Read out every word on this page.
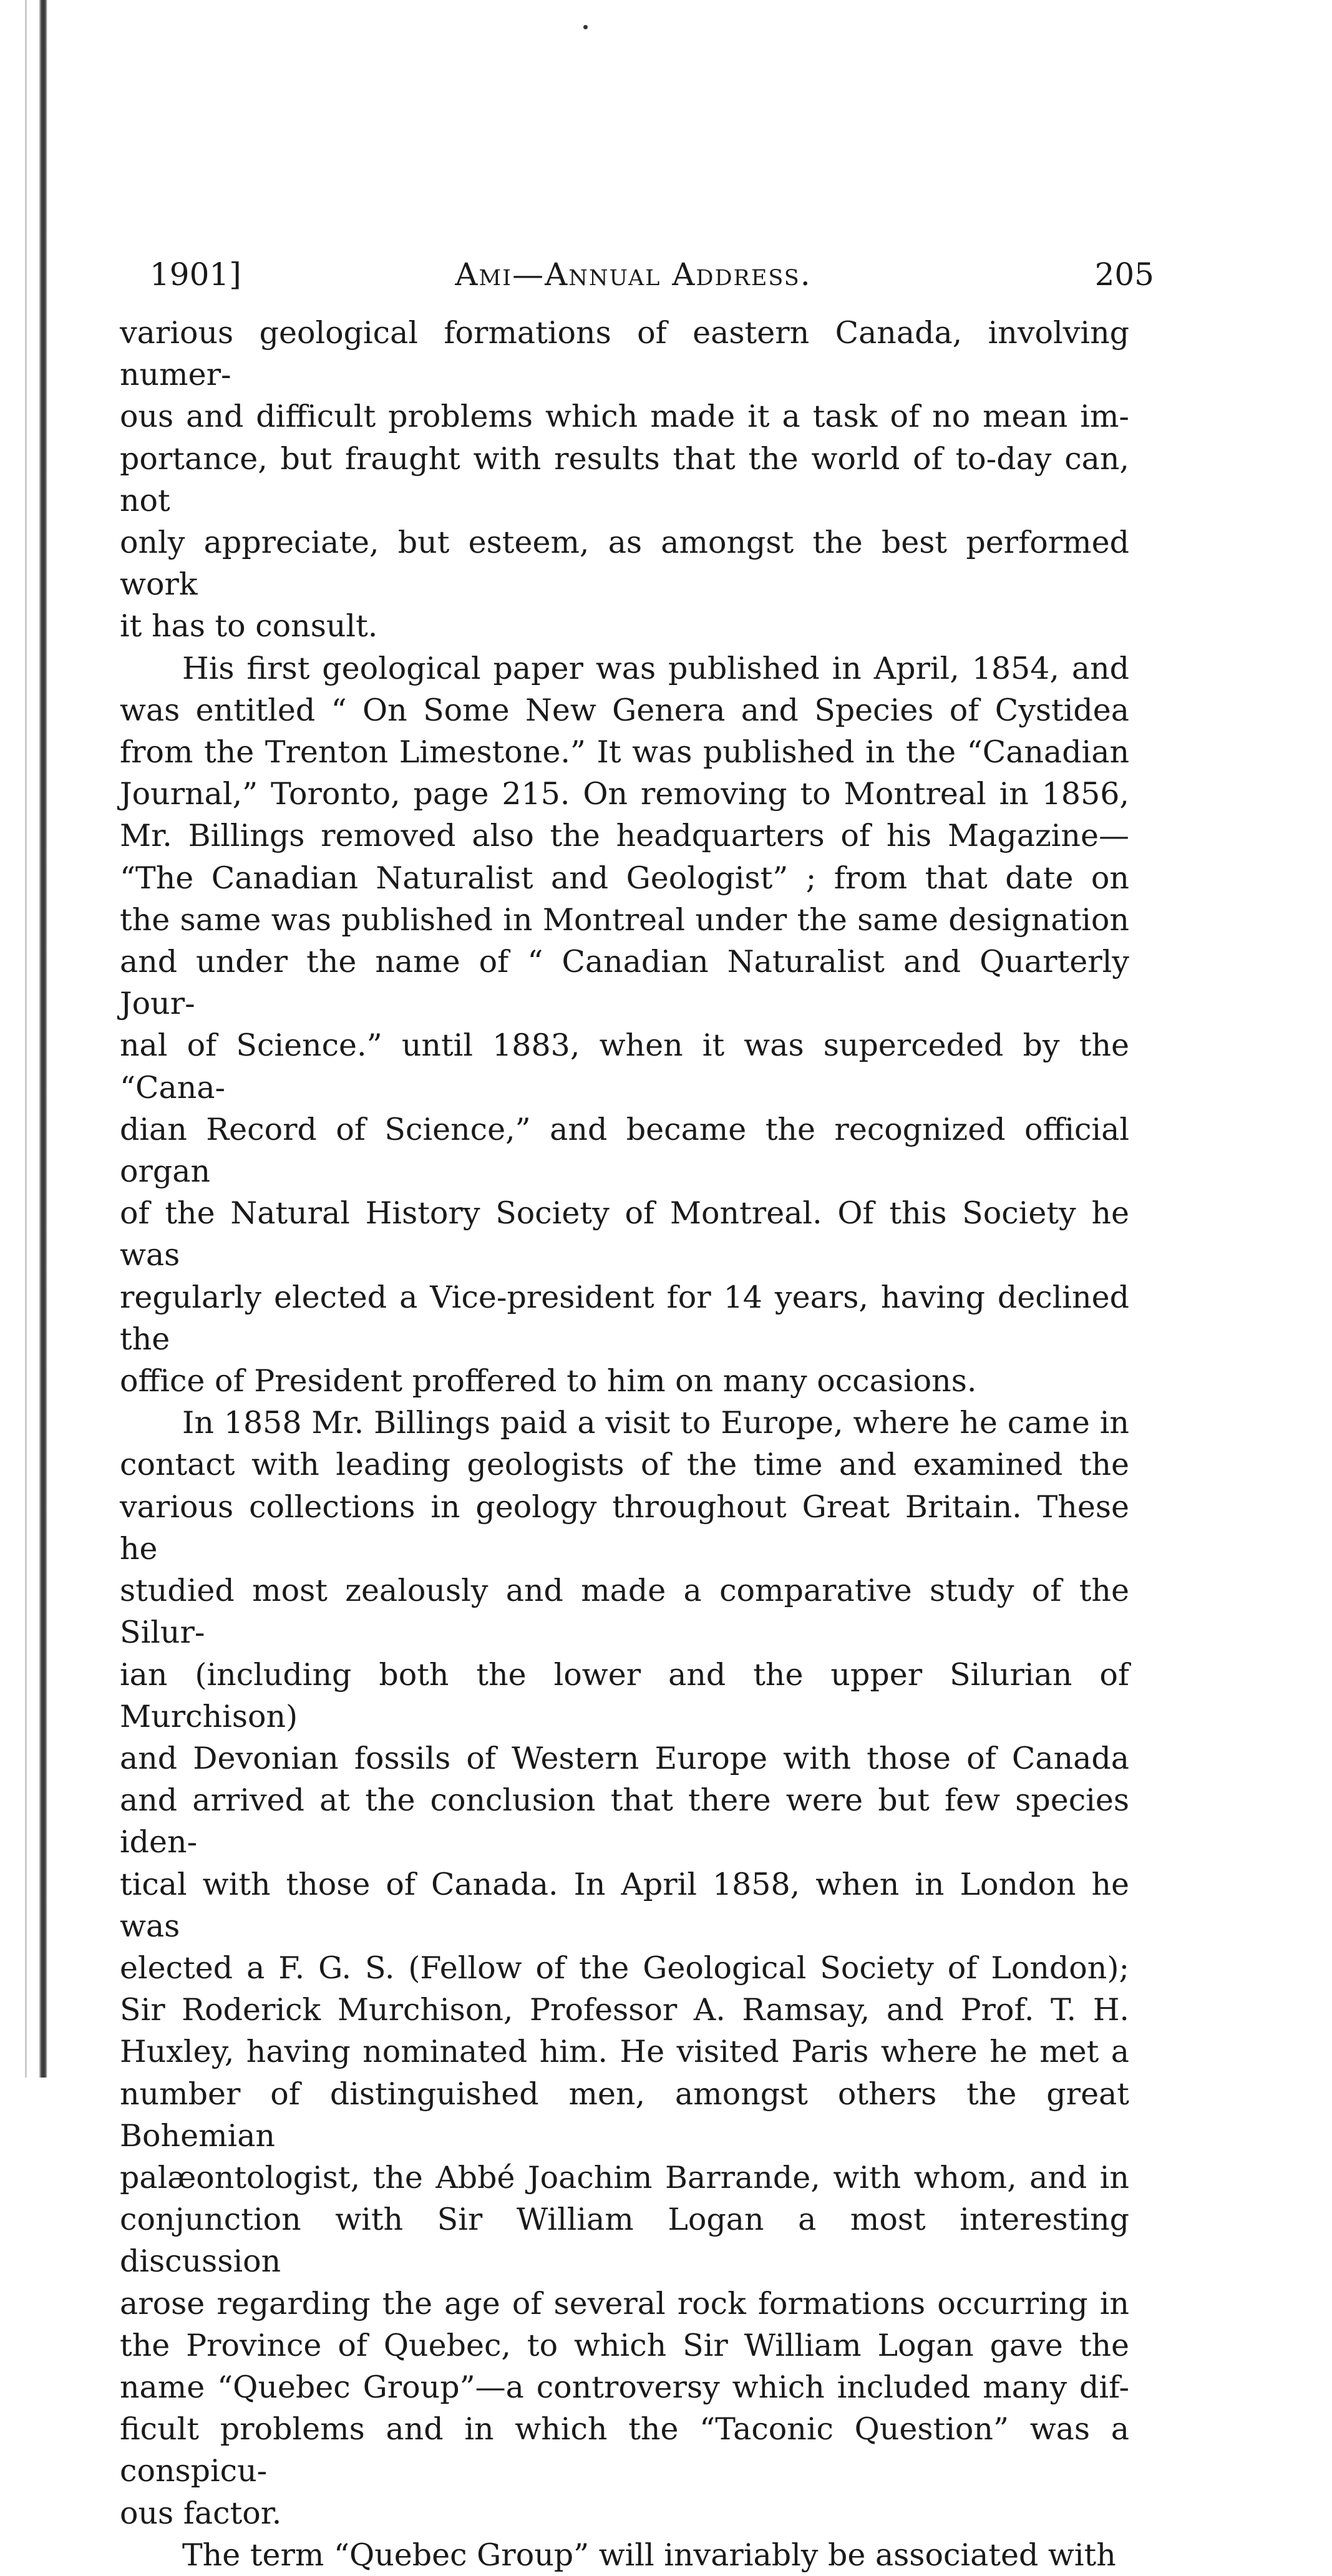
1901]	Ami—Annual Address.	205

various geological formations of eastern Canada, involving numer-
ous and difficult problems which made it a task of no mean im-
portance, but fraught with results that the world of to-day can, not
only appreciate, but esteem, as amongst the best performed work
it has to consult.

His first geological paper was published in April, 1854, and
was entitled “ On Some New Genera and Species of Cystidea
from the Trenton Limestone.” It was published in the “Canadian
Journal,” Toronto, page 215. On removing to Montreal in 1856,
Mr. Billings removed also the headquarters of his Magazine—
“The Canadian Naturalist and Geologist” ; from that date on
the same was published in Montreal under the same designation
and under the name of “ Canadian Naturalist and Quarterly Jour-
nal of Science.” until 1883, when it was superceded by the “Cana-
dian Record of Science,” and became the recognized official organ
of the Natural History Society of Montreal. Of this Society he was
regularly elected a Vice-president for 14 years, having declined the
office of President proffered to him on many occasions.

In 1858 Mr. Billings paid a visit to Europe, where he came in
contact with leading geologists of the time and examined the
various collections in geology throughout Great Britain. These he
studied most zealously and made a comparative study of the Silur-
ian (including both the lower and the upper Silurian of Murchison)
and Devonian fossils of Western Europe with those of Canada
and arrived at the conclusion that there were but few species iden-
tical with those of Canada. In April 1858, when in London he was
elected a F. G. S. (Fellow of the Geological Society of London);
Sir Roderick Murchison, Professor A. Ramsay, and Prof. T. H.
Huxley, having nominated him. He visited Paris where he met a
number of distinguished men, amongst others the great Bohemian
palæontologist, the Abbé Joachim Barrande, with whom, and in
conjunction with Sir William Logan a most interesting discussion
arose regarding the age of several rock formations occurring in
the Province of Quebec, to which Sir William Logan gave the
name “Quebec Group”—a controversy which included many dif-
ficult problems and in which the “Taconic Question” was a conspicu-
ous factor.

The term “Quebec Group” will invariably be associated with
